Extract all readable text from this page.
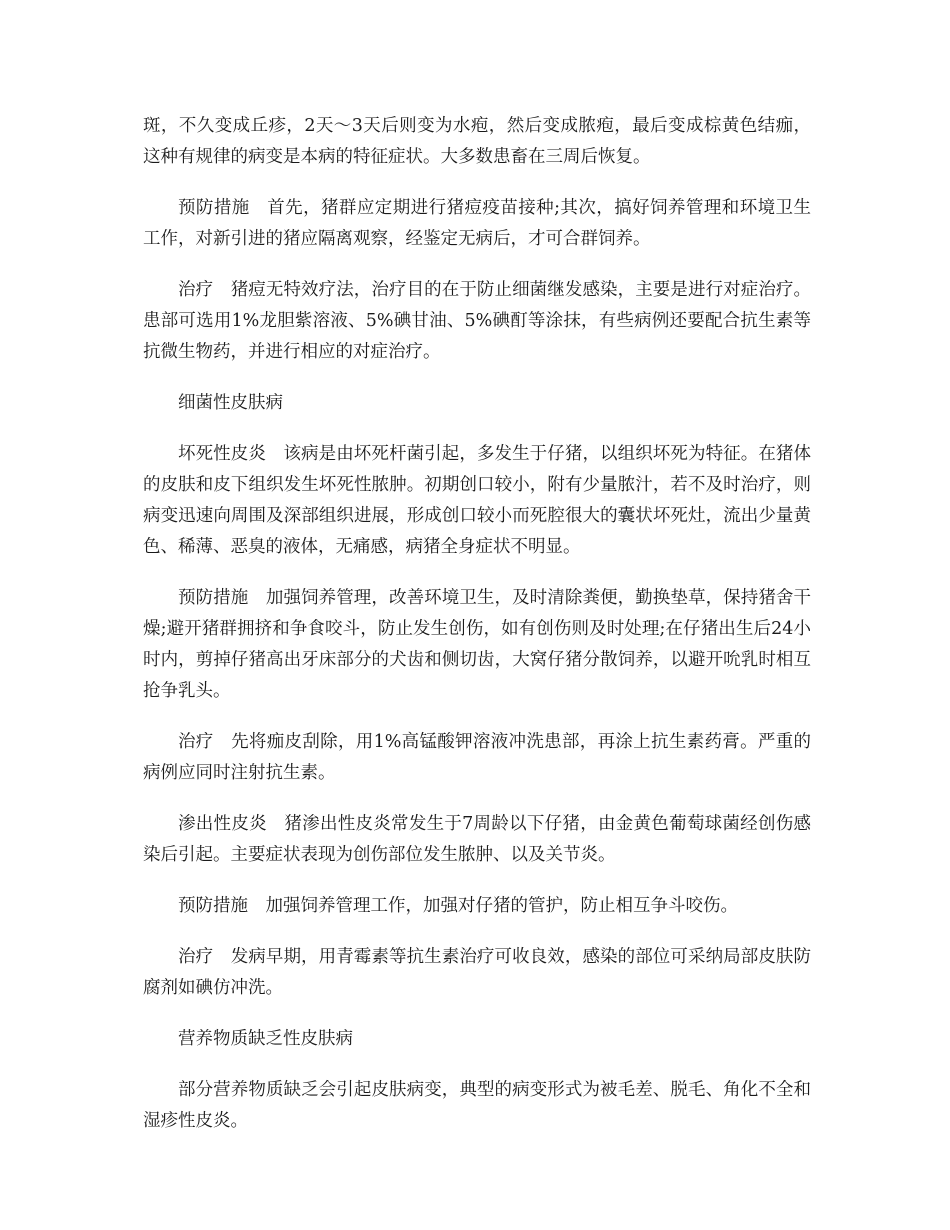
斑，不久变成丘疹，2天～3天后则变为水疱，然后变成脓疱，最后变成棕黄色结痂，这种有规律的病变是本病的特征症状。大多数患畜在三周后恢复。

预防措施 首先，猪群应定期进行猪痘疫苗接种;其次，搞好饲养管理和环境卫生工作，对新引进的猪应隔离观察，经鉴定无病后，才可合群饲养。

治疗 猪痘无特效疗法，治疗目的在于防止细菌继发感染，主要是进行对症治疗。患部可选用1%龙胆紫溶液、5%碘甘油、5%碘酊等涂抹，有些病例还要配合抗生素等抗微生物药，并进行相应的对症治疗。

细菌性皮肤病

坏死性皮炎 该病是由坏死杆菌引起，多发生于仔猪，以组织坏死为特征。在猪体的皮肤和皮下组织发生坏死性脓肿。初期创口较小，附有少量脓汁，若不及时治疗，则病变迅速向周围及深部组织进展，形成创口较小而死腔很大的囊状坏死灶，流出少量黄色、稀薄、恶臭的液体，无痛感，病猪全身症状不明显。

预防措施 加强饲养管理，改善环境卫生，及时清除粪便，勤换垫草，保持猪舍干燥;避开猪群拥挤和争食咬斗，防止发生创伤，如有创伤则及时处理;在仔猪出生后24小时内，剪掉仔猪高出牙床部分的犬齿和侧切齿，大窝仔猪分散饲养，以避开吮乳时相互抢争乳头。

治疗 先将痂皮刮除，用1%高锰酸钾溶液冲洗患部，再涂上抗生素药膏。严重的病例应同时注射抗生素。

渗出性皮炎 猪渗出性皮炎常发生于7周龄以下仔猪，由金黄色葡萄球菌经创伤感染后引起。主要症状表现为创伤部位发生脓肿、以及关节炎。

预防措施 加强饲养管理工作，加强对仔猪的管护，防止相互争斗咬伤。

治疗 发病早期，用青霉素等抗生素治疗可收良效，感染的部位可采纳局部皮肤防腐剂如碘仿冲洗。

营养物质缺乏性皮肤病

部分营养物质缺乏会引起皮肤病变，典型的病变形式为被毛差、脱毛、角化不全和湿疹性皮炎。
